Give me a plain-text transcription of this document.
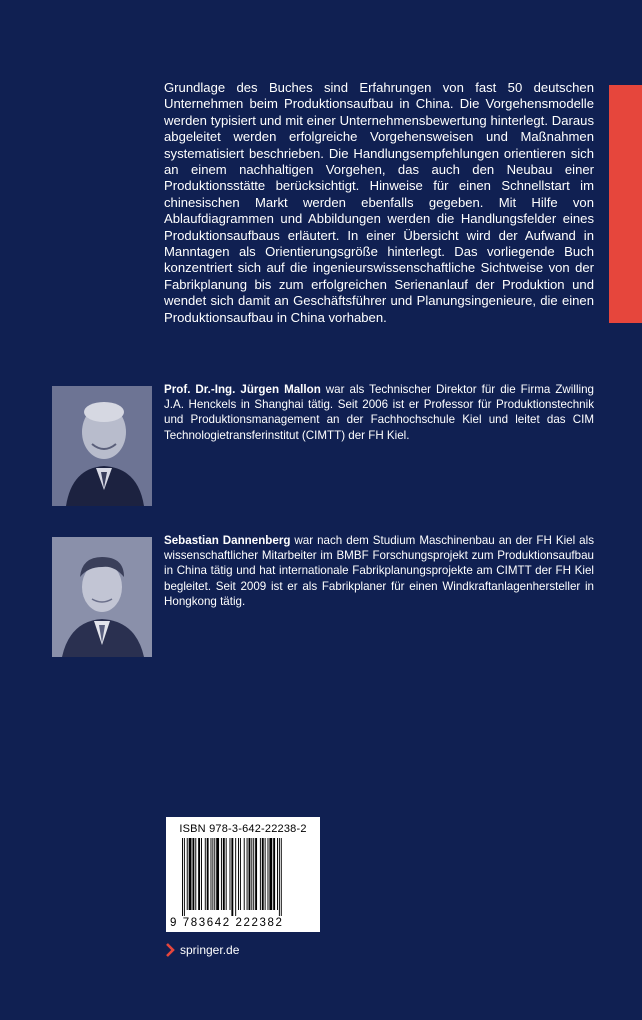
Grundlage des Buches sind Erfahrungen von fast 50 deutschen Unternehmen beim Produktionsaufbau in China. Die Vorgehensmodelle werden typisiert und mit einer Unternehmensbewertung hinterlegt. Daraus abgeleitet werden erfolgreiche Vorgehensweisen und Maßnahmen systematisiert beschrieben. Die Handlungsempfehlungen orientieren sich an einem nachhaltigen Vorgehen, das auch den Neubau einer Produktionsstätte berücksichtigt. Hinweise für einen Schnellstart im chinesischen Markt werden ebenfalls gegeben. Mit Hilfe von Ablaufdiagrammen und Abbildungen werden die Handlungsfelder eines Produktionsaufbaus erläutert. In einer Übersicht wird der Aufwand in Manntagen als Orientierungsgröße hinterlegt. Das vorliegende Buch konzentriert sich auf die ingenieurswissenschaftliche Sichtweise von der Fabrikplanung bis zum erfolgreichen Serienanlauf der Produktion und wendet sich damit an Geschäftsführer und Planungsingenieure, die einen Produktionsaufbau in China vorhaben.

Prof. Dr.-Ing. Jürgen Mallon war als Technischer Direktor für die Firma Zwilling J.A. Henckels in Shanghai tätig. Seit 2006 ist er Professor für Produktionstechnik und Produktionsmanagement an der Fachhochschule Kiel und leitet das CIM Technologietransferinstitut (CIMTT) der FH Kiel.
Sebastian Dannenberg war nach dem Studium Maschinenbau an der FH Kiel als wissenschaftlicher Mitarbeiter im BMBF Forschungsprojekt zum Produktionsaufbau in China tätig und hat internationale Fabrikplanungsprojekte am CIMTT der FH Kiel begleitet. Seit 2009 ist er als Fabrikplaner für einen Windkraftanlagenhersteller in Hongkong tätig.
ISBN 978-3-642-22238-2
9 783642 222382
springer.de
